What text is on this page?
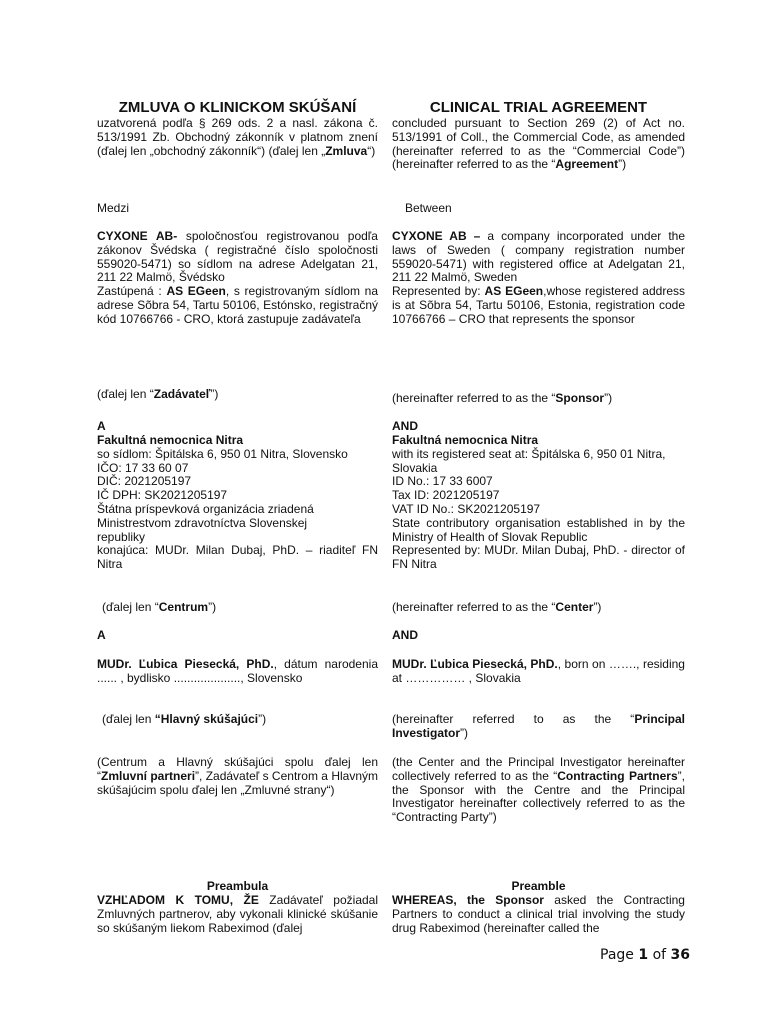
ZMLUVA O KLINICKOM SKÚŠANÍ	CLINICAL TRIAL AGREEMENT

uzatvorená podľa § 269 ods. 2 a nasl. zákona č. 513/1991 Zb. Obchodný zákonník v platnom znení (ďalej len „obchodný zákonník“) (ďalej len „Zmluva“)

concluded pursuant to Section 269 (2) of Act no. 513/1991 of Coll., the Commercial Code, as amended (hereinafter referred to as the “Commercial Code”) (hereinafter referred to as the “Agreement”)

Medzi	Between

CYXONE AB- spoločnosťou registrovanou podľa zákonov Švédska ( registračné číslo spoločnosti 559020-5471) so sídlom na adrese Adelgatan 21, 211 22 Malmö, Švédsko
Zastúpená : AS EGeen, s registrovaným sídlom na adrese Sõbra 54, Tartu 50106, Estónsko, registračný kód 10766766 - CRO, ktorá zastupuje zadávateľa
CYXONE AB – a company incorporated under the laws of Sweden ( company registration number 559020-5471) with registered office at Adelgatan 21, 211 22 Malmö, Sweden
Represented by: AS EGeen,whose registered address is at Sõbra 54, Tartu 50106, Estonia, registration code 10766766 – CRO that represents the sponsor

(ďalej len “Zadávateľ”)	(hereinafter referred to as the “Sponsor”)

A	AND

Fakultná nemocnica Nitra
so sídlom: Špitálska 6, 950 01 Nitra, Slovensko
IČO: 17 33 60 07
DIČ: 2021205197
IČ DPH: SK2021205197
Štátna príspevková organizácia zriadená
Ministrestvom zdravotníctva Slovenskej
republiky
konajúca: MUDr. Milan Dubaj, PhD. – riaditeľ FN Nitra
Fakultná nemocnica Nitra
with its registered seat at: Špitálska 6, 950 01 Nitra, Slovakia
ID No.: 17 33 6007
Tax ID: 2021205197
VAT ID No.: SK2021205197
State contributory organisation established in by the Ministry of Health of Slovak Republic
Represented by: MUDr. Milan Dubaj, PhD. - director of FN Nitra

(ďalej len “Centrum”)	(hereinafter referred to as the “Center”)

A	AND

MUDr. Ľubica Piesecká, PhD., dátum narodenia ...... , bydlisko ...................., Slovensko

MUDr. Ľubica Piesecká, PhD., born on ……., residing at …………… , Slovakia

(ďalej len “Hlavný skúšajúci”)	(hereinafter referred to as the “Principal Investigator”)

(Centrum a Hlavný skúšajúci spolu ďalej len “Zmluvní partneri”, Zadávateľ s Centrom a Hlavným skúšajúcim spolu ďalej len „Zmluvné strany“)

(the Center and the Principal Investigator hereinafter collectively referred to as the “Contracting Partners”, the Sponsor with the Centre and the Principal Investigator hereinafter collectively referred to as the “Contracting Party”)

Preambula	Preamble

VZHĽADOM K TOMU, ŽE Zadávateľ požiadal Zmluvných partnerov, aby vykonali klinické skúšanie so skúšaným liekom Rabeximod (ďalej

WHEREAS, the Sponsor asked the Contracting Partners to conduct a clinical trial involving the study drug Rabeximod (hereinafter called the

Page 1 of 36
